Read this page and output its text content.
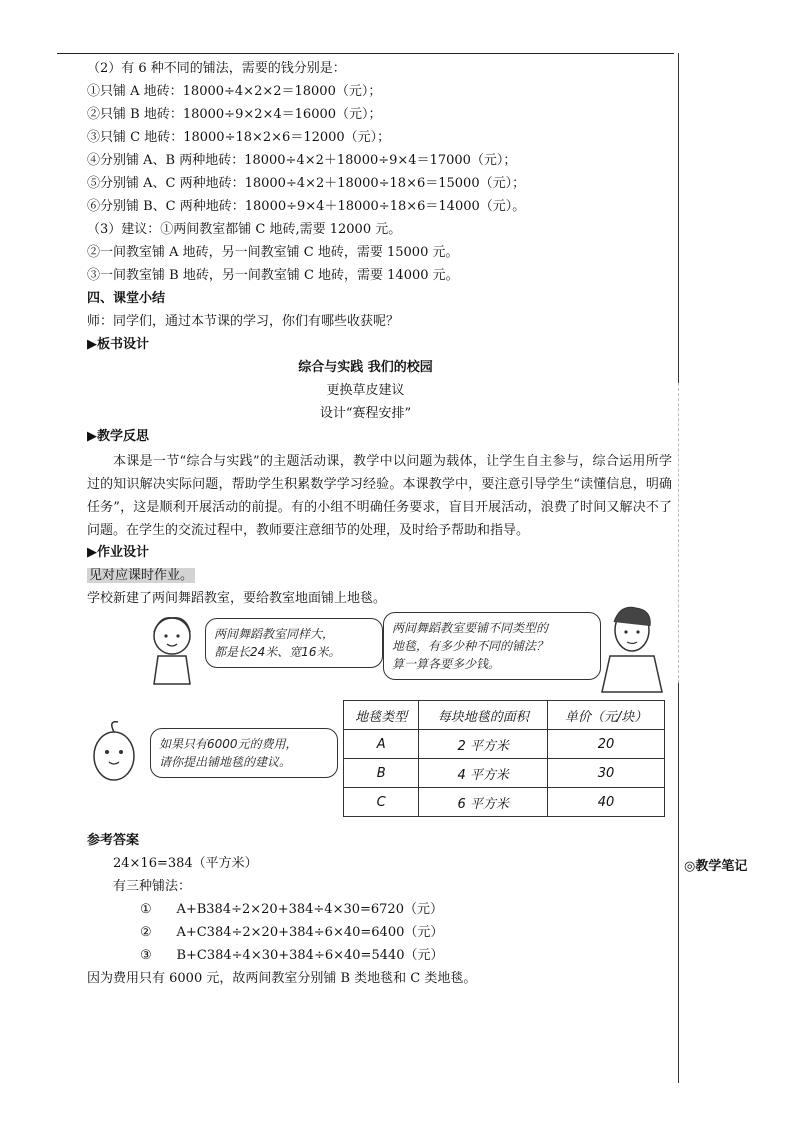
◎教学笔记
（2）有 6 种不同的铺法，需要的钱分别是：
①只铺 A 地砖：18000÷4×2×2＝18000（元）；
②只铺 B 地砖：18000÷9×2×4＝16000（元）；
③只铺 C 地砖：18000÷18×2×6＝12000（元）；
④分别铺 A、B 两种地砖：18000÷4×2＋18000÷9×4＝17000（元）；
⑤分别铺 A、C 两种地砖：18000÷4×2＋18000÷18×6＝15000（元）；
⑥分别铺 B、C 两种地砖：18000÷9×4＋18000÷18×6＝14000（元）。
（3）建议：①两间教室都铺 C 地砖,需要 12000 元。
②一间教室铺 A 地砖，另一间教室铺 C 地砖，需要 15000 元。
③一间教室铺 B 地砖，另一间教室铺 C 地砖，需要 14000 元。
四、课堂小结
师：同学们，通过本节课的学习，你们有哪些收获呢？
▶板书设计
综合与实践 我们的校园
更换草皮建议
设计“赛程安排”
▶教学反思
本课是一节“综合与实践”的主题活动课，教学中以问题为载体，让学生自主参与，综合运用所学过的知识解决实际问题，帮助学生积累数学学习经验。本课教学中，要注意引导学生“读懂信息，明确任务”，这是顺利开展活动的前提。有的小组不明确任务要求，盲目开展活动，浪费了时间又解决不了问题。在学生的交流过程中，教师要注意细节的处理，及时给予帮助和指导。
▶作业设计
见对应课时作业。
学校新建了两间舞蹈教室，要给教室地面铺上地毯。
两间舞蹈教室同样大，
都是长24米、宽16米。
两间舞蹈教室要铺不同类型的
地毯，有多少种不同的铺法？
算一算各要多少钱。
如果只有6000元的费用，
请你提出铺地毯的建议。
地毯类型	每块地毯的面积	单价（元/块）
A	2 平方米	20
B	4 平方米	30
C	6 平方米	40
参考答案
24×16=384（平方米）
有三种铺法：
①      A+B384÷2×20+384÷4×30=6720（元）
②      A+C384÷2×20+384÷6×40=6400（元）
③      B+C384÷4×30+384÷6×40=5440（元）
因为费用只有 6000 元，故两间教室分别铺 B 类地毯和 C 类地毯。
